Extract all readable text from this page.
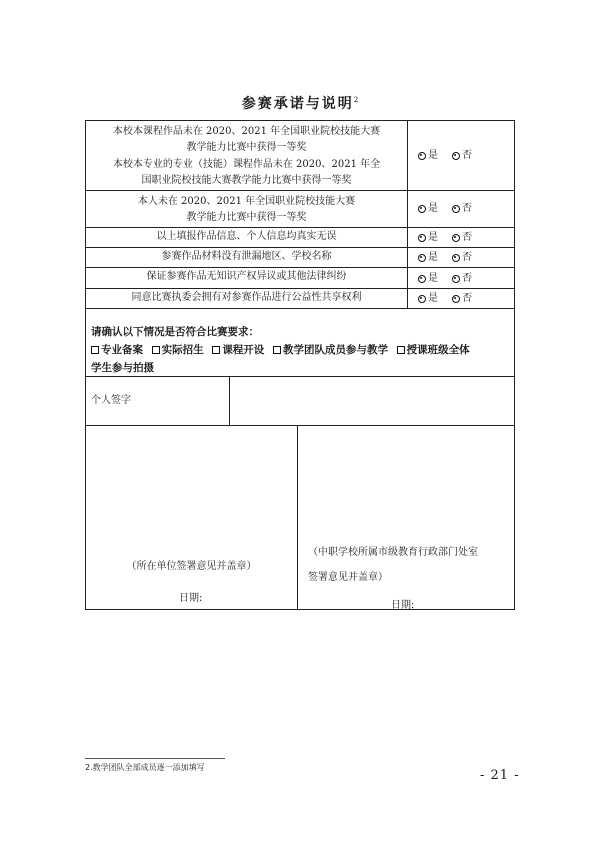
参赛承诺与说明$^2$
本校本课程作品未在 2020、2021 年全国职业院校技能大赛
教学能力比赛中获得一等奖
本校本专业的专业（技能）课程作品未在 2020、2021 年全
国职业院校技能大赛教学能力比赛中获得一等奖
是 否
本人未在 2020、2021 年全国职业院校技能大赛
教学能力比赛中获得一等奖
是 否
以上填报作品信息、个人信息均真实无误	是 否
参赛作品材料没有泄漏地区、学校名称	是 否
保证参赛作品无知识产权异议或其他法律纠纷	是 否
同意比赛执委会拥有对参赛作品进行公益性共享权利	是 否
请确认以下情况是否符合比赛要求：
专业备案 实际招生 课程开设 教学团队成员参与教学 授课班级全体
学生参与拍摄
个人签字
（所在单位签署意见并盖章）
日期:
（中职学校所属市级教育行政部门处室
签署意见并盖章）
日期:
2.教学团队全部成员逐一添加填写
- 21 -
